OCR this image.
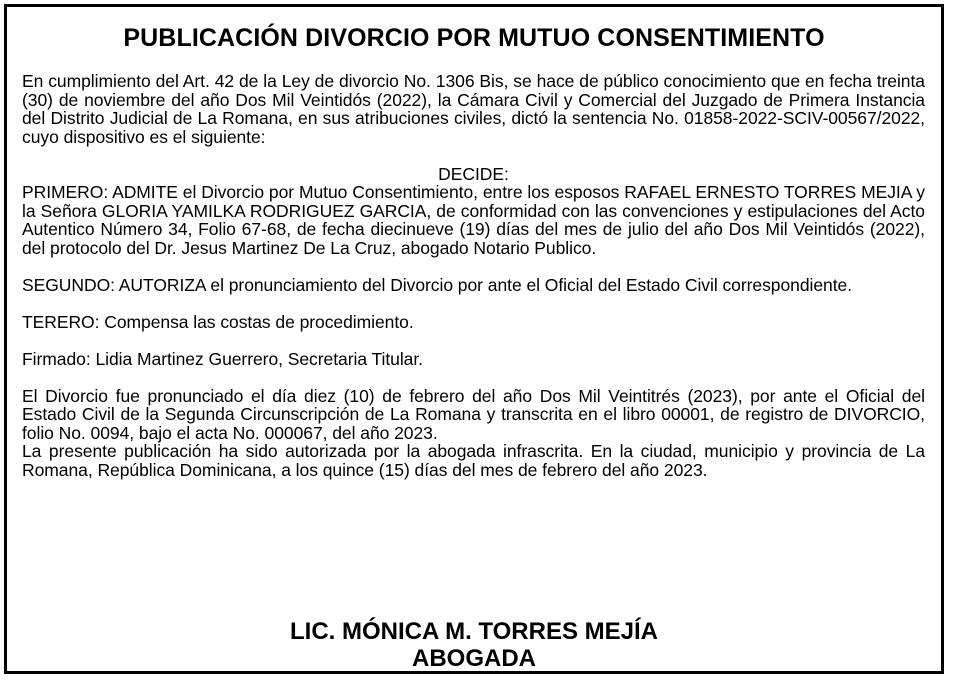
PUBLICACIÓN DIVORCIO POR MUTUO CONSENTIMIENTO

En cumplimiento del Art. 42 de la Ley de divorcio No. 1306 Bis, se hace de público conocimiento que en fecha treinta (30) de noviembre del año Dos Mil Veintidós (2022), la Cámara Civil y Comercial del Juzgado de Primera Instancia del Distrito Judicial de La Romana, en sus atribuciones civiles, dictó la sentencia No. 01858-2022-SCIV-00567/2022, cuyo dispositivo es el siguiente:

DECIDE:

PRIMERO: ADMITE el Divorcio por Mutuo Consentimiento, entre los esposos RAFAEL ERNESTO TORRES MEJIA y la Señora GLORIA YAMILKA RODRIGUEZ GARCIA, de conformidad con las convenciones y estipulaciones del Acto Autentico Número 34, Folio 67-68, de fecha diecinueve (19) días del mes de julio del año Dos Mil Veintidós (2022), del protocolo del Dr. Jesus Martinez De La Cruz, abogado Notario Publico.

SEGUNDO: AUTORIZA el pronunciamiento del Divorcio por ante el Oficial del Estado Civil correspondiente.

TERERO: Compensa las costas de procedimiento.

Firmado: Lidia Martinez Guerrero, Secretaria Titular.

El Divorcio fue pronunciado el día diez (10) de febrero del año Dos Mil Veintitrés (2023), por ante el Oficial del Estado Civil de la Segunda Circunscripción de La Romana y transcrita en el libro 00001, de registro de DIVORCIO, folio No. 0094, bajo el acta No. 000067, del año 2023.

La presente publicación ha sido autorizada por la abogada infrascrita. En la ciudad, municipio y provincia de La Romana, República Dominicana, a los quince (15) días del mes de febrero del año 2023.

LIC. MÓNICA M. TORRES MEJÍA
ABOGADA
